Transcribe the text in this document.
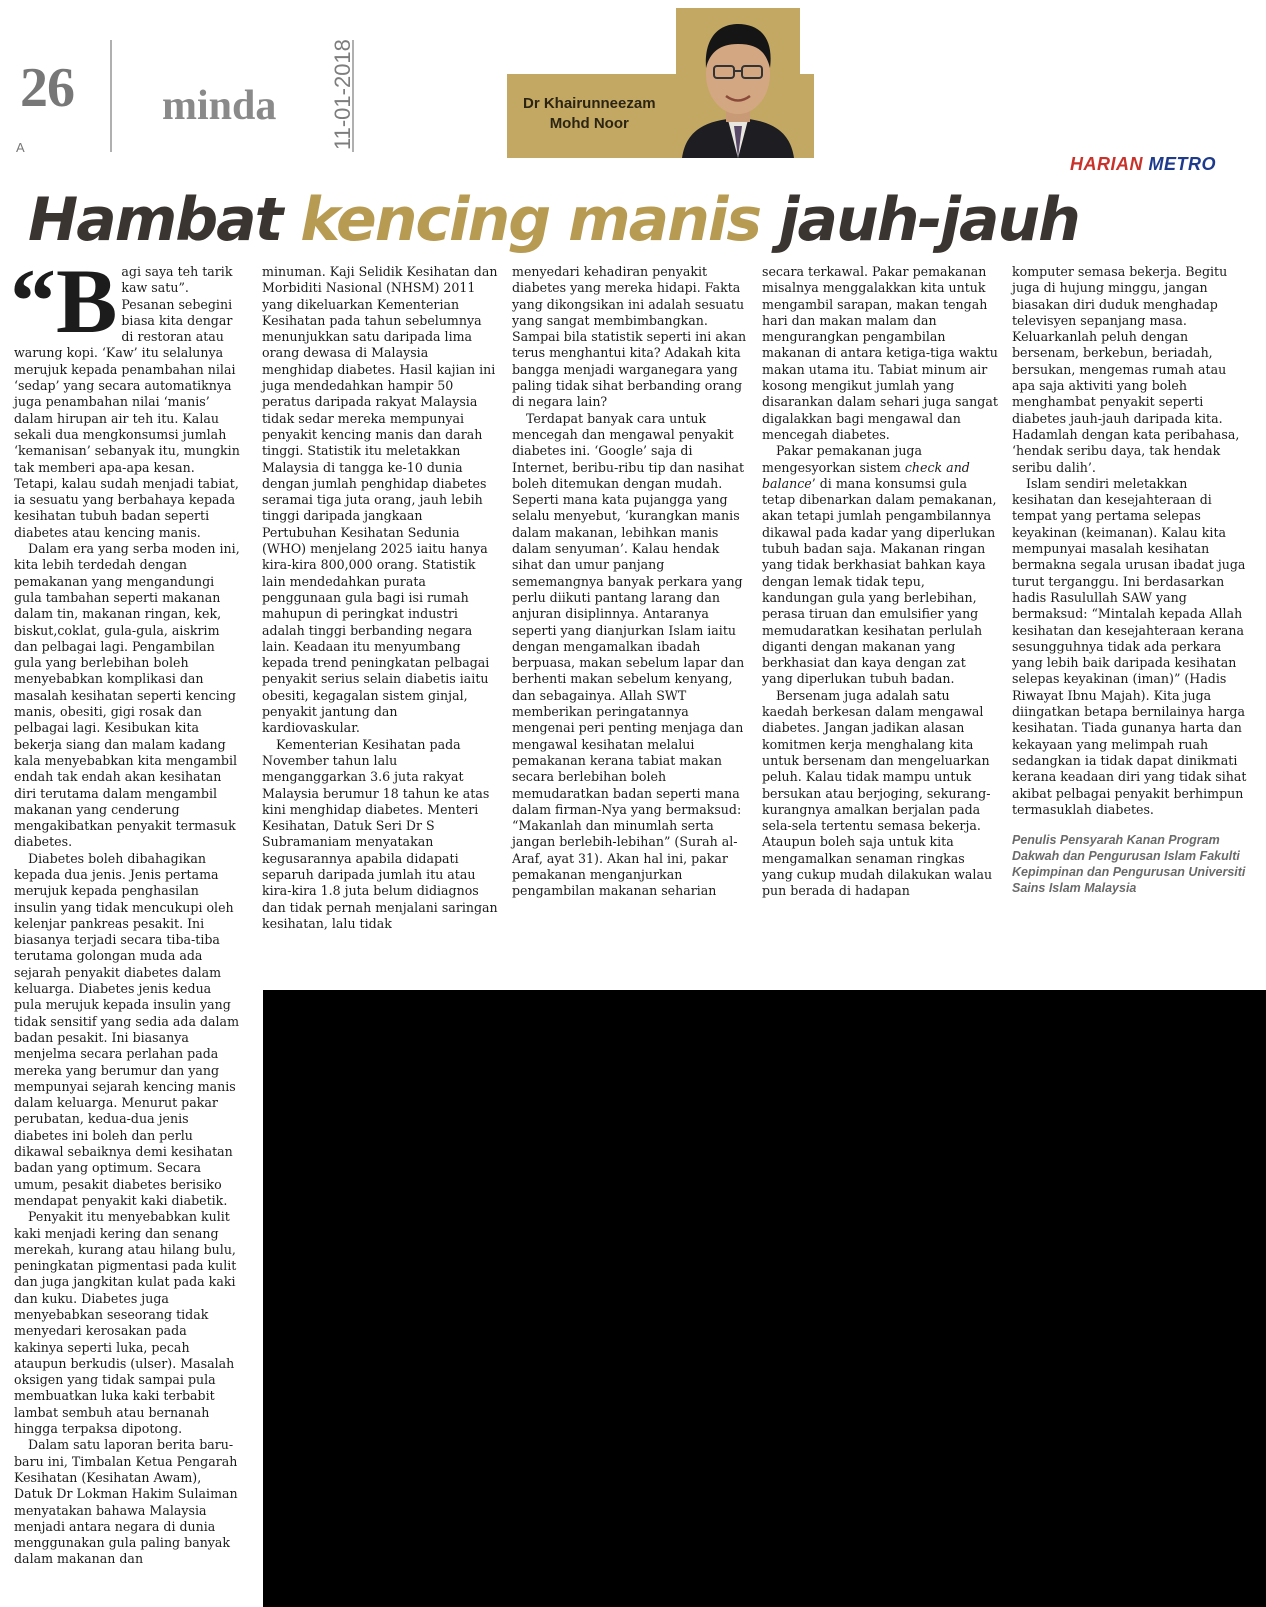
26
A
minda 11-01-2018	Dr Khairunneezam
Mohd Noor
HARIAN METRO
Hambat kencing manis jauh-jauh

“Bagi saya teh tarik kaw satu”. Pesanan sebegini biasa kita dengar di restoran atau warung kopi. ‘Kaw’ itu selalunya merujuk kepada penambahan nilai ‘sedap’ yang secara automatiknya juga penambahan nilai ‘manis’ dalam hirupan air teh itu. Kalau sekali dua mengkonsumsi jumlah ‘kemanisan’ sebanyak itu, mungkin tak memberi apa-apa kesan. Tetapi, kalau sudah menjadi tabiat, ia sesuatu yang berbahaya kepada kesihatan tubuh badan seperti diabetes atau kencing manis.

Dalam era yang serba moden ini, kita lebih terdedah dengan pemakanan yang mengandungi gula tambahan seperti makanan dalam tin, makanan ringan, kek, biskut,coklat, gula-gula, aiskrim dan pelbagai lagi. Pengambilan gula yang berlebihan boleh menyebabkan komplikasi dan masalah kesihatan seperti kencing manis, obesiti, gigi rosak dan pelbagai lagi. Kesibukan kita bekerja siang dan malam kadang kala menyebabkan kita mengambil endah tak endah akan kesihatan diri terutama dalam mengambil makanan yang cenderung mengakibatkan penyakit termasuk diabetes.

Diabetes boleh dibahagikan kepada dua jenis. Jenis pertama merujuk kepada penghasilan insulin yang tidak mencukupi oleh kelenjar pankreas pesakit. Ini biasanya terjadi secara tiba-tiba terutama golongan muda ada sejarah penyakit diabetes dalam keluarga. Diabetes jenis kedua pula merujuk kepada insulin yang tidak sensitif yang sedia ada dalam badan pesakit. Ini biasanya menjelma secara perlahan pada mereka yang berumur dan yang mempunyai sejarah kencing manis dalam keluarga. Menurut pakar perubatan, kedua-dua jenis diabetes ini boleh dan perlu dikawal sebaiknya demi kesihatan badan yang optimum. Secara umum, pesakit diabetes berisiko mendapat penyakit kaki diabetik.

Penyakit itu menyebabkan kulit kaki menjadi kering dan senang merekah, kurang atau hilang bulu, peningkatan pigmentasi pada kulit dan juga jangkitan kulat pada kaki dan kuku. Diabetes juga menyebabkan seseorang tidak menyedari kerosakan pada kakinya seperti luka, pecah ataupun berkudis (ulser). Masalah oksigen yang tidak sampai pula membuatkan luka kaki terbabit lambat sembuh atau bernanah hingga terpaksa dipotong.

Dalam satu laporan berita baru-baru ini, Timbalan Ketua Pengarah Kesihatan (Kesihatan Awam), Datuk Dr Lokman Hakim Sulaiman menyatakan bahawa Malaysia menjadi antara negara di dunia menggunakan gula paling banyak dalam makanan dan

minuman. Kaji Selidik Kesihatan dan Morbiditi Nasional (NHSM) 2011 yang dikeluarkan Kementerian Kesihatan pada tahun sebelumnya menunjukkan satu daripada lima orang dewasa di Malaysia menghidap diabetes. Hasil kajian ini juga mendedahkan hampir 50 peratus daripada rakyat Malaysia tidak sedar mereka mempunyai penyakit kencing manis dan darah tinggi. Statistik itu meletakkan Malaysia di tangga ke-10 dunia dengan jumlah penghidap diabetes seramai tiga juta orang, jauh lebih tinggi daripada jangkaan Pertubuhan Kesihatan Sedunia (WHO) menjelang 2025 iaitu hanya kira-kira 800,000 orang. Statistik lain mendedahkan purata penggunaan gula bagi isi rumah mahupun di peringkat industri adalah tinggi berbanding negara lain. Keadaan itu menyumbang kepada trend peningkatan pelbagai penyakit serius selain diabetis iaitu obesiti, kegagalan sistem ginjal, penyakit jantung dan kardiovaskular.

Kementerian Kesihatan pada November tahun lalu menganggarkan 3.6 juta rakyat Malaysia berumur 18 tahun ke atas kini menghidap diabetes. Menteri Kesihatan, Datuk Seri Dr S Subramaniam menyatakan kegusarannya apabila didapati separuh daripada jumlah itu atau kira-kira 1.8 juta belum didiagnos dan tidak pernah menjalani saringan kesihatan, lalu tidak

menyedari kehadiran penyakit diabetes yang mereka hidapi. Fakta yang dikongsikan ini adalah sesuatu yang sangat membimbangkan. Sampai bila statistik seperti ini akan terus menghantui kita? Adakah kita bangga menjadi warganegara yang paling tidak sihat berbanding orang di negara lain?

Terdapat banyak cara untuk mencegah dan mengawal penyakit diabetes ini. ‘Google’ saja di Internet, beribu-ribu tip dan nasihat boleh ditemukan dengan mudah. Seperti mana kata pujangga yang selalu menyebut, ‘kurangkan manis dalam makanan, lebihkan manis dalam senyuman’. Kalau hendak sihat dan umur panjang sememangnya banyak perkara yang perlu diikuti pantang larang dan anjuran disiplinnya. Antaranya seperti yang dianjurkan Islam iaitu dengan mengamalkan ibadah berpuasa, makan sebelum lapar dan berhenti makan sebelum kenyang, dan sebagainya. Allah SWT memberikan peringatannya mengenai peri penting menjaga dan mengawal kesihatan melalui pemakanan kerana tabiat makan secara berlebihan boleh memudaratkan badan seperti mana dalam firman-Nya yang bermaksud: “Makanlah dan minumlah serta jangan berlebih-lebihan” (Surah al-Araf, ayat 31). Akan hal ini, pakar pemakanan menganjurkan pengambilan makanan seharian

secara terkawal. Pakar pemakanan misalnya menggalakkan kita untuk mengambil sarapan, makan tengah hari dan makan malam dan mengurangkan pengambilan makanan di antara ketiga-tiga waktu makan utama itu. Tabiat minum air kosong mengikut jumlah yang disarankan dalam sehari juga sangat digalakkan bagi mengawal dan mencegah diabetes.

Pakar pemakanan juga mengesyorkan sistem check and balance’ di mana konsumsi gula tetap dibenarkan dalam pemakanan, akan tetapi jumlah pengambilannya dikawal pada kadar yang diperlukan tubuh badan saja. Makanan ringan yang tidak berkhasiat bahkan kaya dengan lemak tidak tepu, kandungan gula yang berlebihan, perasa tiruan dan emulsifier yang memudaratkan kesihatan perlulah diganti dengan makanan yang berkhasiat dan kaya dengan zat yang diperlukan tubuh badan.

Bersenam juga adalah satu kaedah berkesan dalam mengawal diabetes. Jangan jadikan alasan komitmen kerja menghalang kita untuk bersenam dan mengeluarkan peluh. Kalau tidak mampu untuk bersukan atau berjoging, sekurang-kurangnya amalkan berjalan pada sela-sela tertentu semasa bekerja. Ataupun boleh saja untuk kita mengamalkan senaman ringkas yang cukup mudah dilakukan walau pun berada di hadapan

komputer semasa bekerja. Begitu juga di hujung minggu, jangan biasakan diri duduk menghadap televisyen sepanjang masa. Keluarkanlah peluh dengan bersenam, berkebun, beriadah, bersukan, mengemas rumah atau apa saja aktiviti yang boleh menghambat penyakit seperti diabetes jauh-jauh daripada kita. Hadamlah dengan kata peribahasa, ‘hendak seribu daya, tak hendak seribu dalih’.

Islam sendiri meletakkan kesihatan dan kesejahteraan di tempat yang pertama selepas keyakinan (keimanan). Kalau kita mempunyai masalah kesihatan bermakna segala urusan ibadat juga turut terganggu. Ini berdasarkan hadis Rasulullah SAW yang bermaksud: “Mintalah kepada Allah kesihatan dan kesejahteraan kerana sesungguhnya tidak ada perkara yang lebih baik daripada kesihatan selepas keyakinan (iman)” (Hadis Riwayat Ibnu Majah). Kita juga diingatkan betapa bernilainya harga kesihatan. Tiada gunanya harta dan kekayaan yang melimpah ruah sedangkan ia tidak dapat dinikmati kerana keadaan diri yang tidak sihat akibat pelbagai penyakit berhimpun termasuklah diabetes.

Penulis Pensyarah Kanan Program Dakwah dan Pengurusan Islam Fakulti Kepimpinan dan Pengurusan Universiti Sains Islam Malaysia
